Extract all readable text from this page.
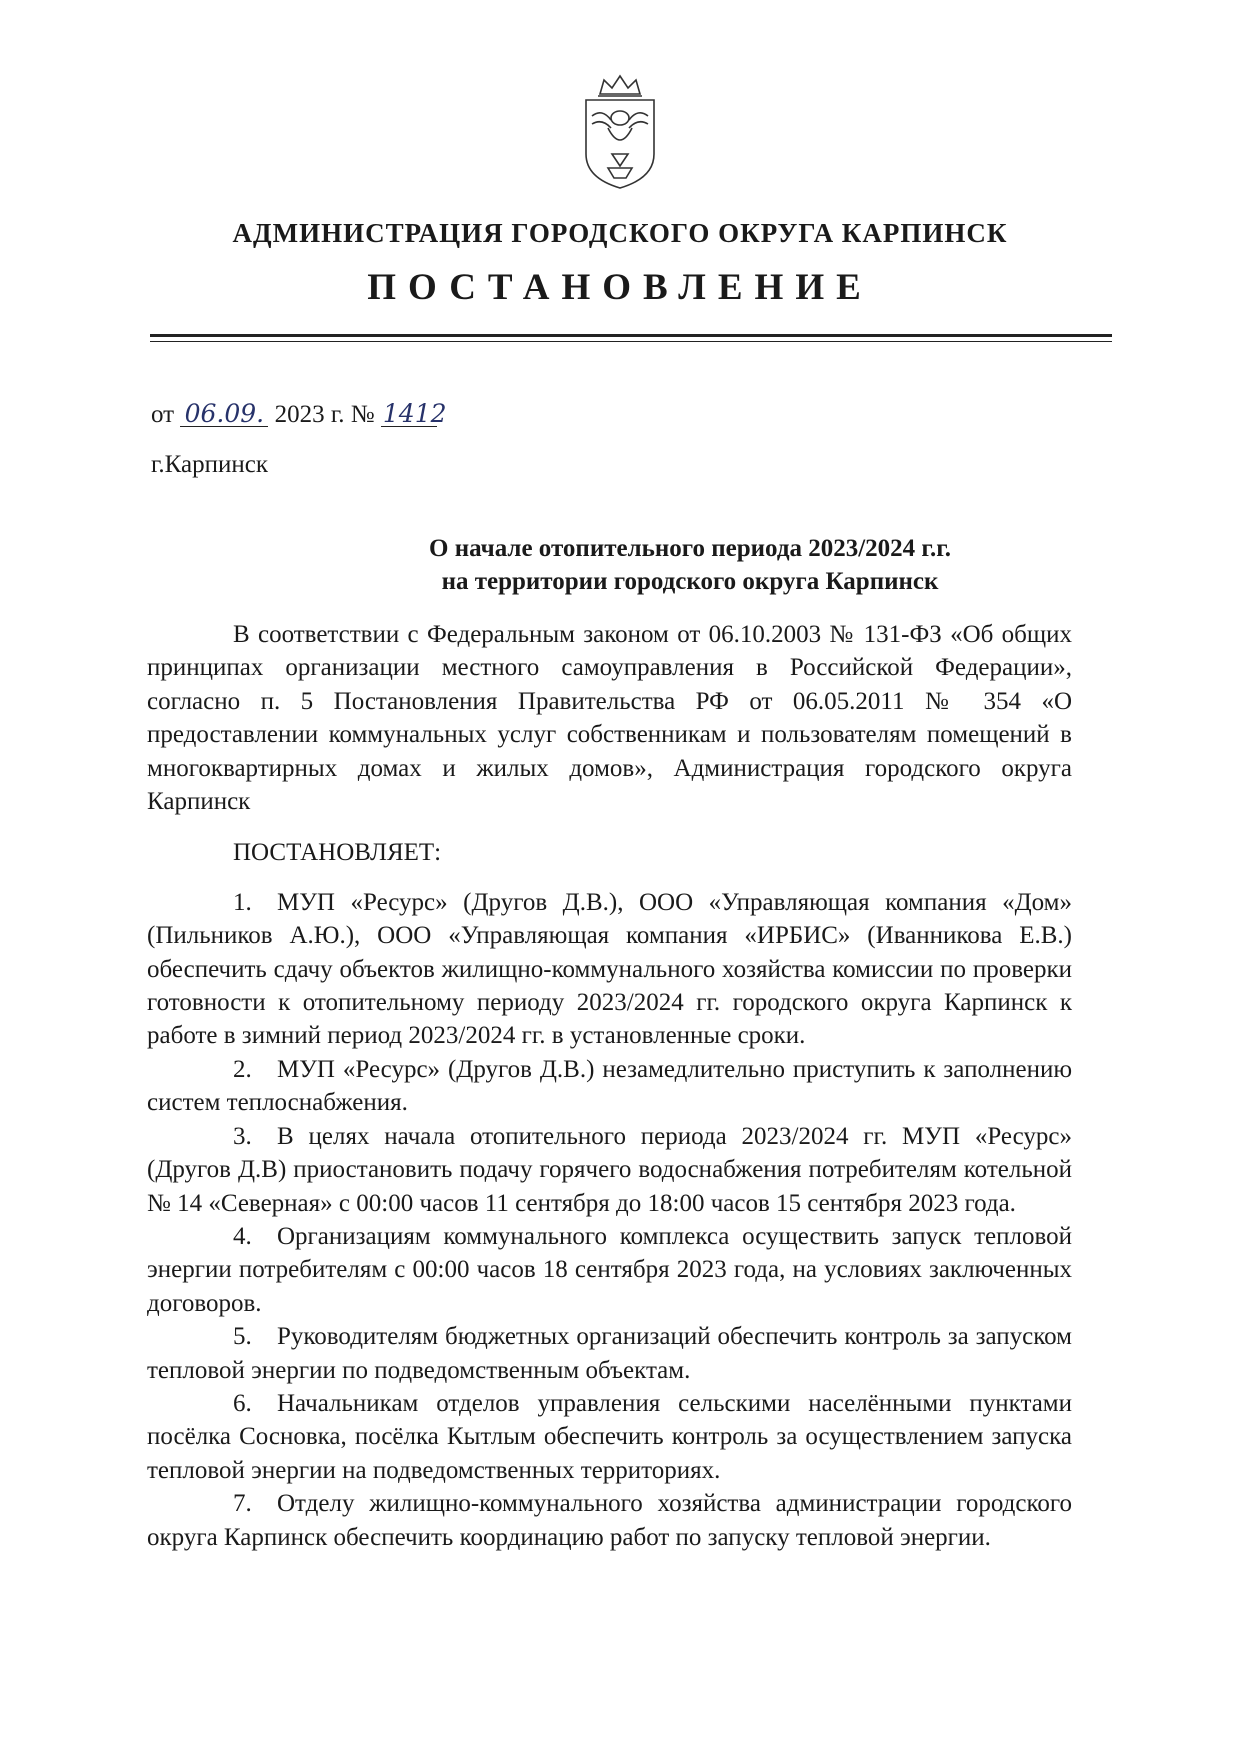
АДМИНИСТРАЦИЯ ГОРОДСКОГО ОКРУГА КАРПИНСК
ПОСТАНОВЛЕНИЕ
от 06.09. 2023 г. № 1412
г.Карпинск
О начале отопительного периода 2023/2024 г.г.
на территории городского округа Карпинск

В соответствии с Федеральным законом от 06.10.2003 № 131-ФЗ «Об общих принципах организации местного самоуправления в Российской Федерации», согласно п. 5 Постановления Правительства РФ от 06.05.2011 № 354 «О предоставлении коммунальных услуг собственникам и пользователям помещений в многоквартирных домах и жилых домов», Администрация городского округа Карпинск

ПОСТАНОВЛЯЕТ:

1. МУП «Ресурс» (Другов Д.В.), ООО «Управляющая компания «Дом» (Пильников А.Ю.), ООО «Управляющая компания «ИРБИС» (Иванникова Е.В.) обеспечить сдачу объектов жилищно-коммунального хозяйства комиссии по проверки готовности к отопительному периоду 2023/2024 гг. городского округа Карпинск к работе в зимний период 2023/2024 гг. в установленные сроки.

2. МУП «Ресурс» (Другов Д.В.) незамедлительно приступить к заполнению систем теплоснабжения.

3. В целях начала отопительного периода 2023/2024 гг. МУП «Ресурс» (Другов Д.В) приостановить подачу горячего водоснабжения потребителям котельной № 14 «Северная» с 00:00 часов 11 сентября до 18:00 часов 15 сентября 2023 года.

4. Организациям коммунального комплекса осуществить запуск тепловой энергии потребителям с 00:00 часов 18 сентября 2023 года, на условиях заключенных договоров.

5. Руководителям бюджетных организаций обеспечить контроль за запуском тепловой энергии по подведомственным объектам.

6. Начальникам отделов управления сельскими населёнными пунктами посёлка Сосновка, посёлка Кытлым обеспечить контроль за осуществлением запуска тепловой энергии на подведомственных территориях.

7. Отделу жилищно-коммунального хозяйства администрации городского округа Карпинск обеспечить координацию работ по запуску тепловой энергии.
